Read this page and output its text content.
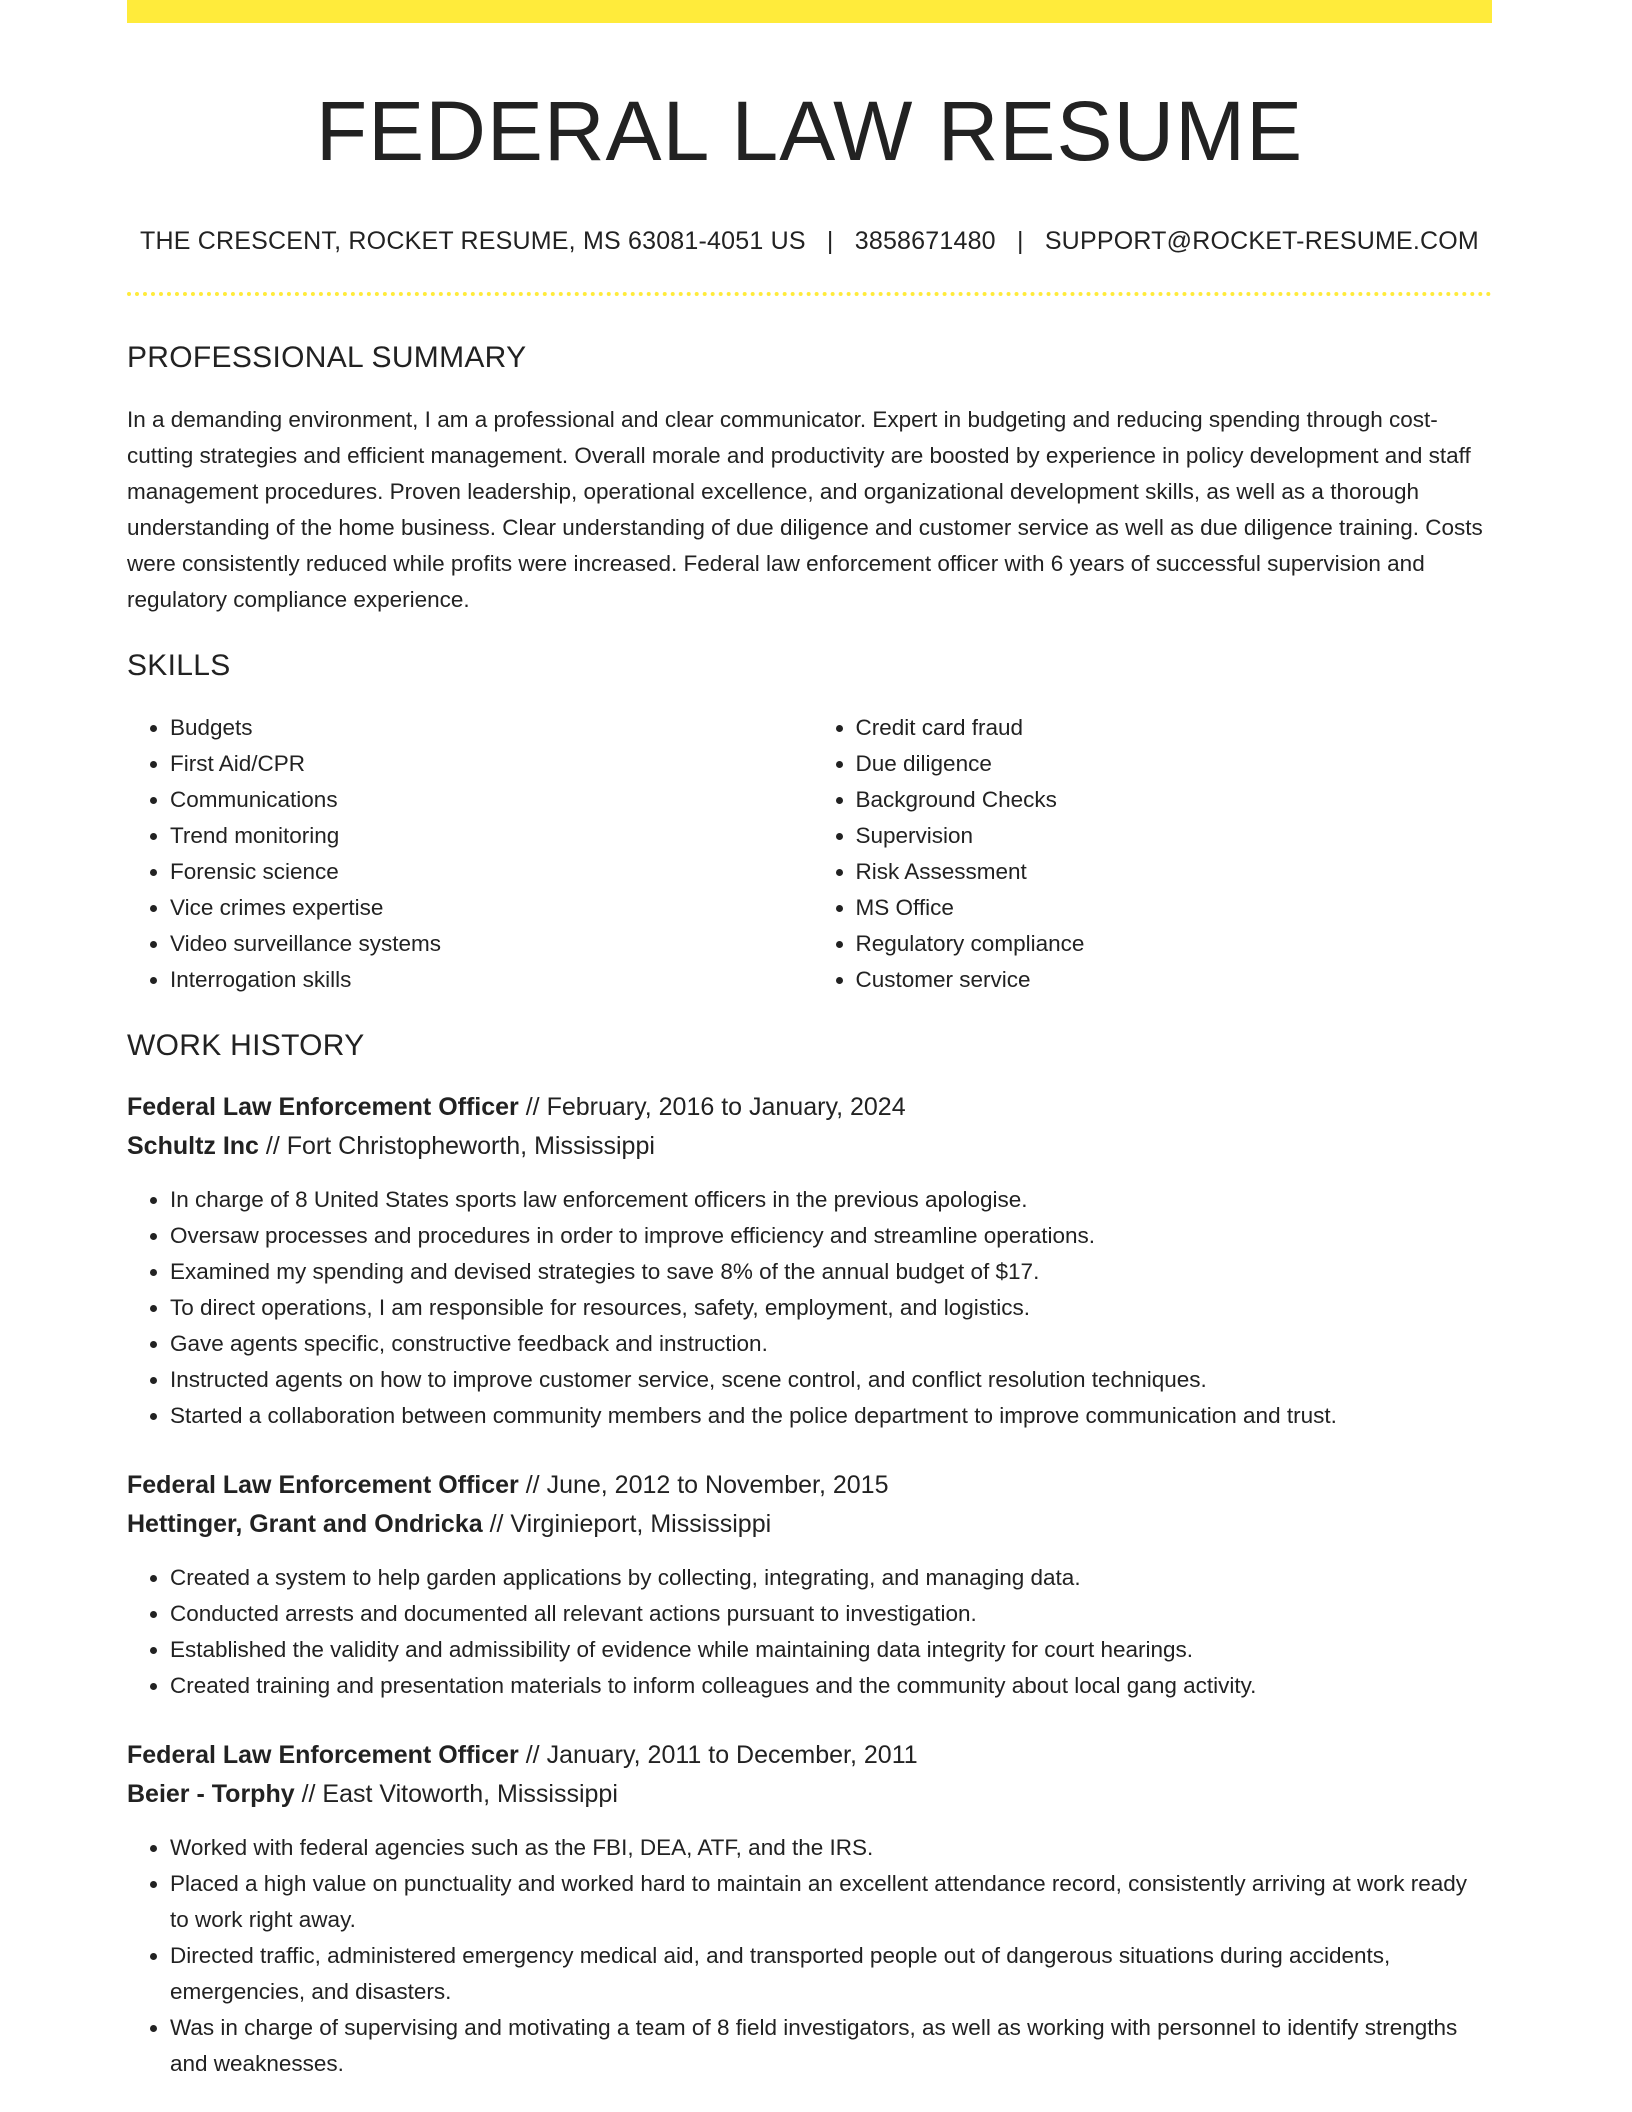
FEDERAL LAW RESUME
THE CRESCENT, ROCKET RESUME, MS 63081-4051 US | 3858671480 | SUPPORT@ROCKET-RESUME.COM
PROFESSIONAL SUMMARY
In a demanding environment, I am a professional and clear communicator. Expert in budgeting and reducing spending through cost-cutting strategies and efficient management. Overall morale and productivity are boosted by experience in policy development and staff management procedures. Proven leadership, operational excellence, and organizational development skills, as well as a thorough understanding of the home business. Clear understanding of due diligence and customer service as well as due diligence training. Costs were consistently reduced while profits were increased. Federal law enforcement officer with 6 years of successful supervision and regulatory compliance experience.
SKILLS
• Budgets
• First Aid/CPR
• Communications
• Trend monitoring
• Forensic science
• Vice crimes expertise
• Video surveillance systems
• Interrogation skills
• Credit card fraud
• Due diligence
• Background Checks
• Supervision
• Risk Assessment
• MS Office
• Regulatory compliance
• Customer service
WORK HISTORY
Federal Law Enforcement Officer // February, 2016 to January, 2024
Schultz Inc // Fort Christopheworth, Mississippi
• In charge of 8 United States sports law enforcement officers in the previous apologise.
• Oversaw processes and procedures in order to improve efficiency and streamline operations.
• Examined my spending and devised strategies to save 8% of the annual budget of $17.
• To direct operations, I am responsible for resources, safety, employment, and logistics.
• Gave agents specific, constructive feedback and instruction.
• Instructed agents on how to improve customer service, scene control, and conflict resolution techniques.
• Started a collaboration between community members and the police department to improve communication and trust.
Federal Law Enforcement Officer // June, 2012 to November, 2015
Hettinger, Grant and Ondricka // Virginieport, Mississippi
• Created a system to help garden applications by collecting, integrating, and managing data.
• Conducted arrests and documented all relevant actions pursuant to investigation.
• Established the validity and admissibility of evidence while maintaining data integrity for court hearings.
• Created training and presentation materials to inform colleagues and the community about local gang activity.
Federal Law Enforcement Officer // January, 2011 to December, 2011
Beier - Torphy // East Vitoworth, Mississippi
• Worked with federal agencies such as the FBI, DEA, ATF, and the IRS.
• Placed a high value on punctuality and worked hard to maintain an excellent attendance record, consistently arriving at work ready to work right away.
• Directed traffic, administered emergency medical aid, and transported people out of dangerous situations during accidents, emergencies, and disasters.
• Was in charge of supervising and motivating a team of 8 field investigators, as well as working with personnel to identify strengths and weaknesses.
